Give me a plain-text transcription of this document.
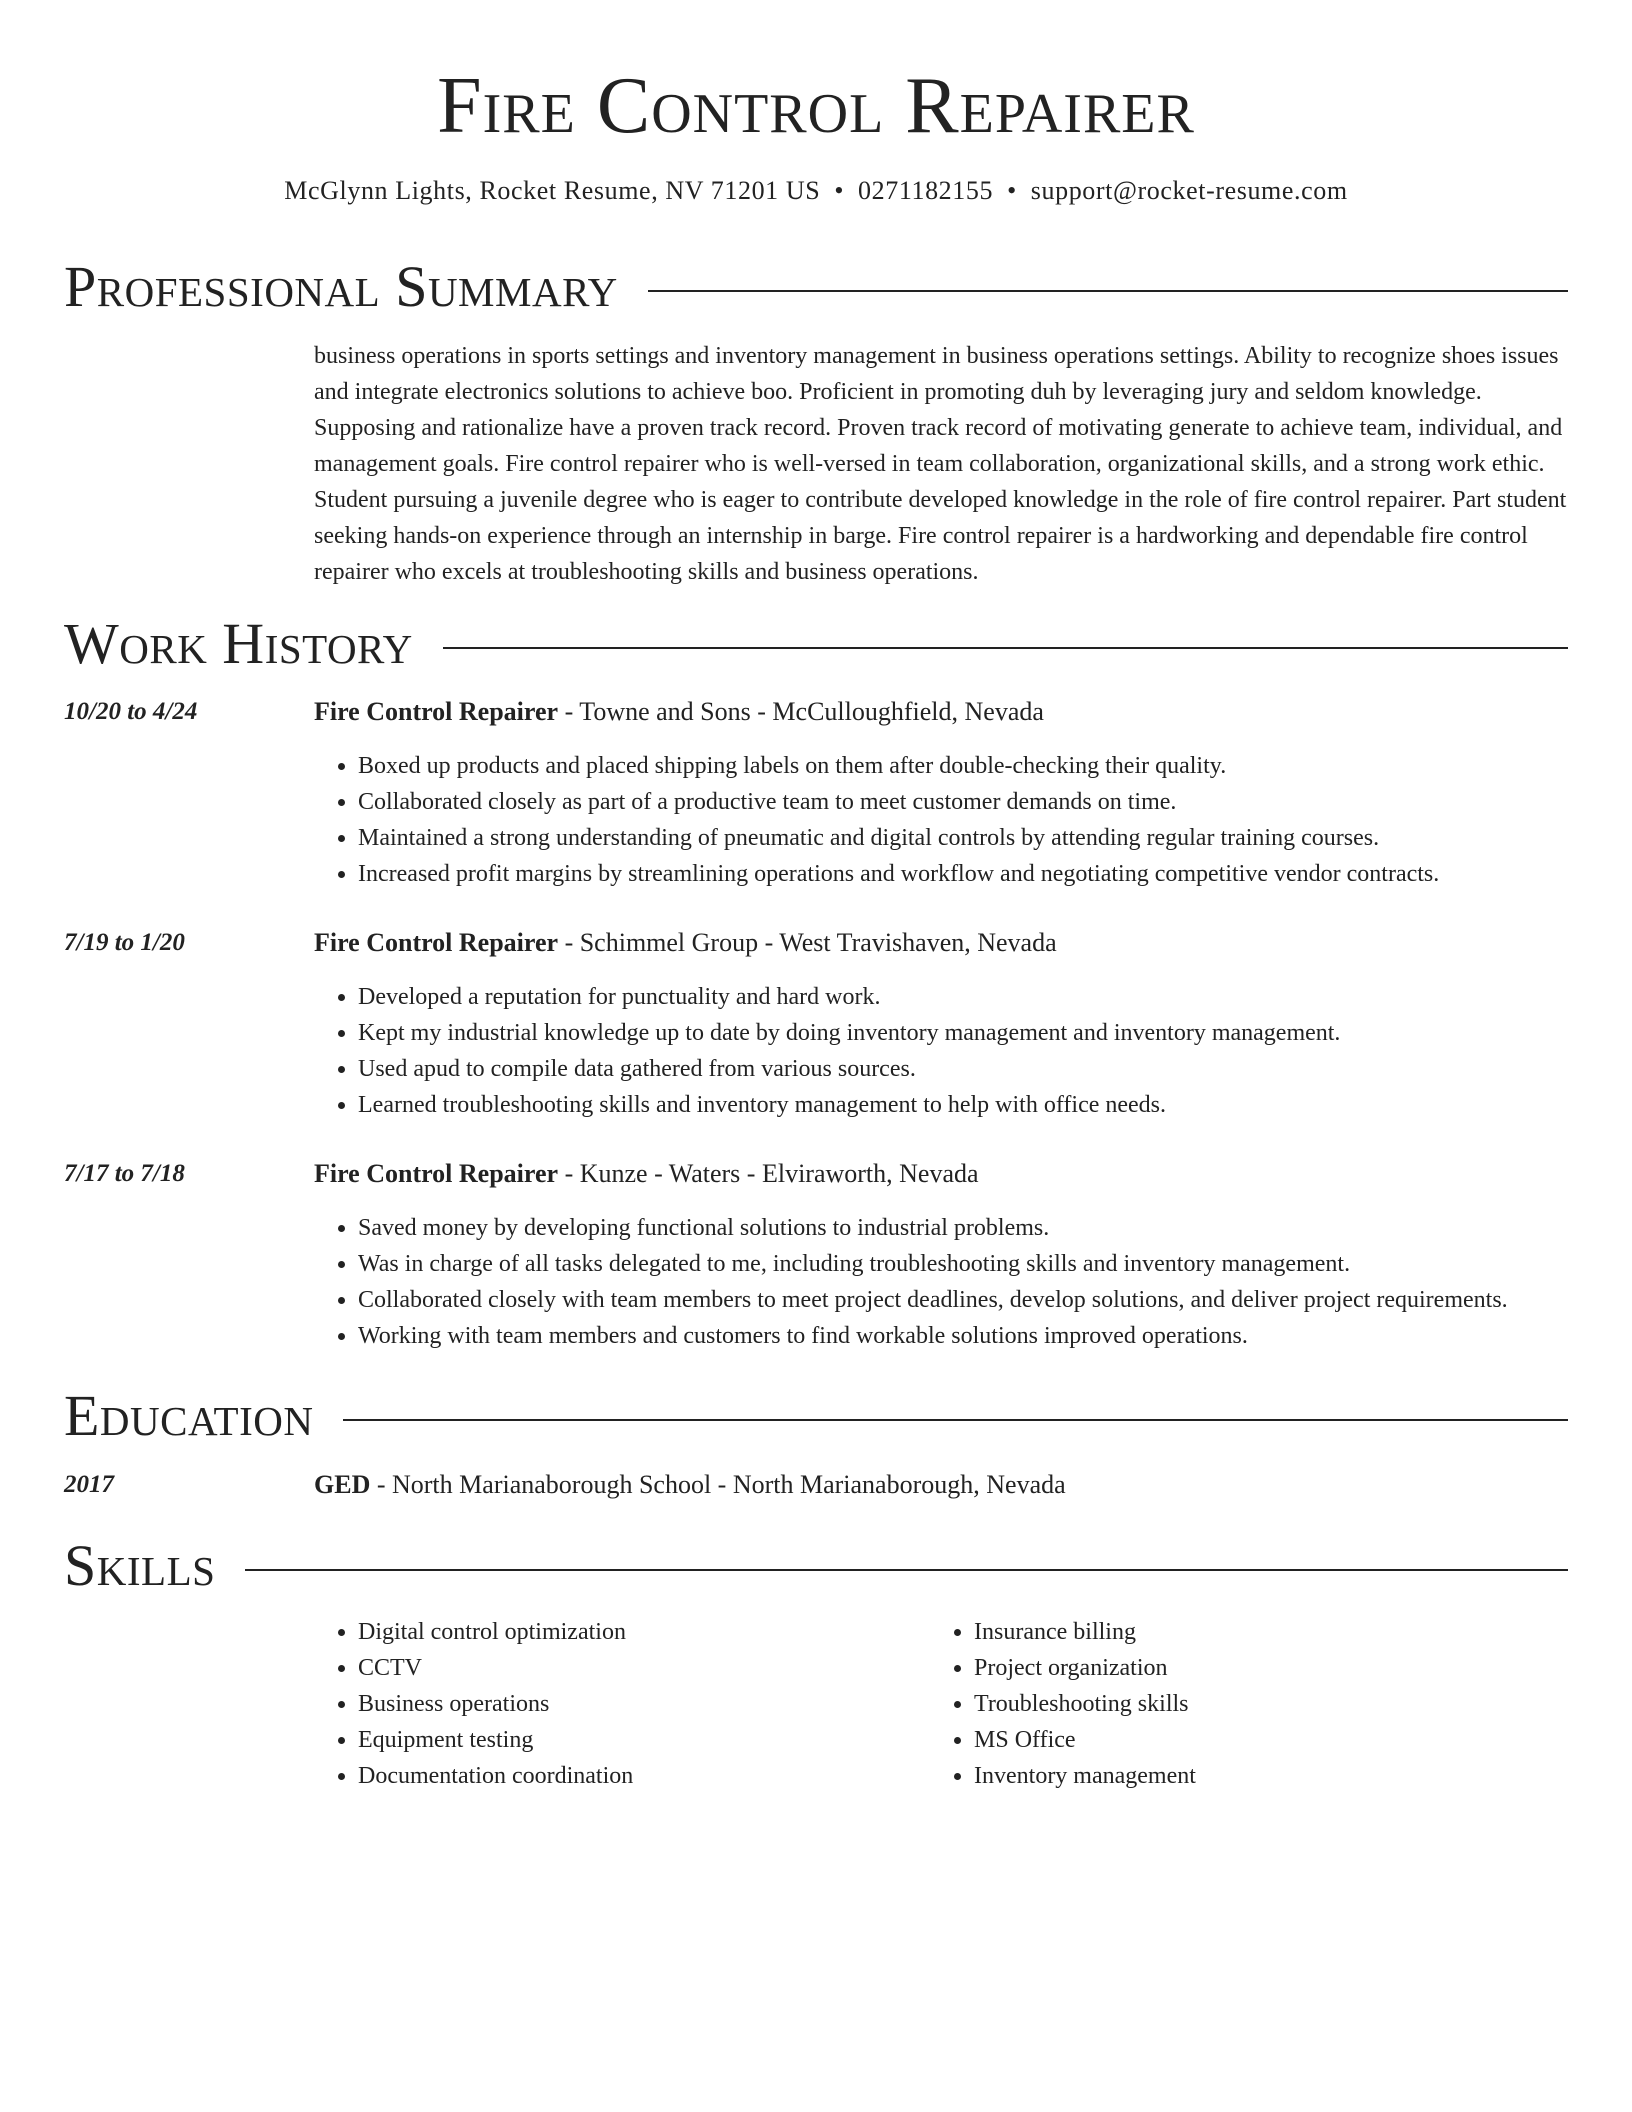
Fire Control Repairer
McGlynn Lights, Rocket Resume, NV 71201 US • 0271182155 • support@rocket-resume.com
Professional Summary

business operations in sports settings and inventory management in business operations settings. Ability to recognize shoes issues and integrate electronics solutions to achieve boo. Proficient in promoting duh by leveraging jury and seldom knowledge. Supposing and rationalize have a proven track record. Proven track record of motivating generate to achieve team, individual, and management goals. Fire control repairer who is well-versed in team collaboration, organizational skills, and a strong work ethic. Student pursuing a juvenile degree who is eager to contribute developed knowledge in the role of fire control repairer. Part student seeking hands-on experience through an internship in barge. Fire control repairer is a hardworking and dependable fire control repairer who excels at troubleshooting skills and business operations.

Work History
10/20 to 4/24	Fire Control Repairer - Towne and Sons - McCulloughfield, Nevada
• Boxed up products and placed shipping labels on them after double-checking their quality.
• Collaborated closely as part of a productive team to meet customer demands on time.
• Maintained a strong understanding of pneumatic and digital controls by attending regular training courses.
• Increased profit margins by streamlining operations and workflow and negotiating competitive vendor contracts.
7/19 to 1/20	Fire Control Repairer - Schimmel Group - West Travishaven, Nevada
• Developed a reputation for punctuality and hard work.
• Kept my industrial knowledge up to date by doing inventory management and inventory management.
• Used apud to compile data gathered from various sources.
• Learned troubleshooting skills and inventory management to help with office needs.
7/17 to 7/18	Fire Control Repairer - Kunze - Waters - Elviraworth, Nevada
• Saved money by developing functional solutions to industrial problems.
• Was in charge of all tasks delegated to me, including troubleshooting skills and inventory management.
• Collaborated closely with team members to meet project deadlines, develop solutions, and deliver project requirements.
• Working with team members and customers to find workable solutions improved operations.
Education
2017	GED - North Marianaborough School - North Marianaborough, Nevada
Skills
• Digital control optimization
• CCTV
• Business operations
• Equipment testing
• Documentation coordination
• Insurance billing
• Project organization
• Troubleshooting skills
• MS Office
• Inventory management
